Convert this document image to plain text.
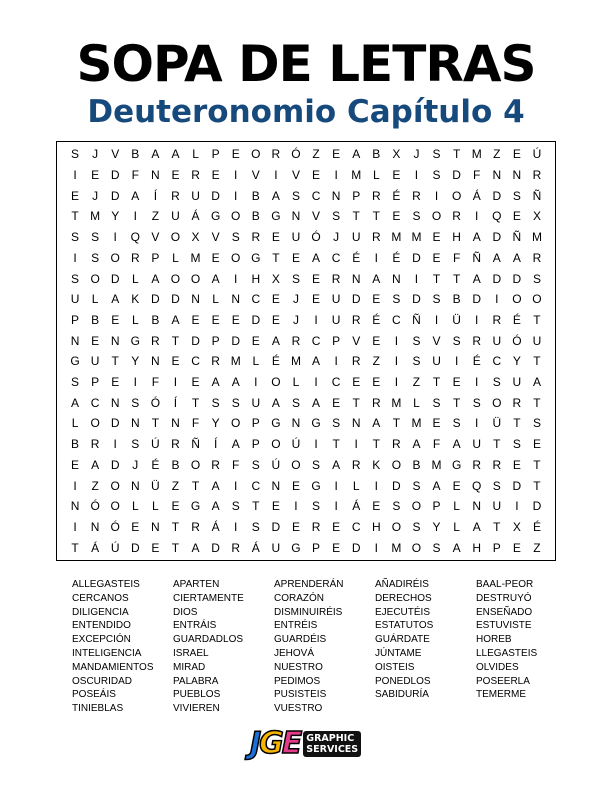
SOPA DE LETRAS
Deuteronomio Capítulo 4
S	J	V	B	A	A	L	P	E O R Ó Z	E	A	B	X	J	S	T M Z	E Ú
I	E D	F	N E R E	I	V	I	V	E	I	M L	E	I	S D	F	N N R
E	J	D A	Í	R U D	I	B	A	S C N P R É R	I	O Á D S Ñ
T M Y	I	Z	U Á G O B G N V	S	T	T	E	S O R	I	Q E	X
S	S	I	Q V O X	V	S R E U Ó	J	U R M M E H A D Ñ M
I	S O R P	L M E O G T	E	A C É	I	É D E	F	Ñ A	A R
S O D	L	A O O A	I	H X	S	E R N A N	I	T	T	A D D S
U	L	A	K D D N	L	N C E	J	E U D E	S D S	B D	I	O O
P	B	E	L	B	A	E	E	E D E	J	I	U R É C Ñ	I	Ü	I	R É	T
N E N G R	T	D P D E	A R C P	V	E	I	S	V	S R U Ó U
G U	T	Y N E C R M L	É M A	I	R	Z	I	S U	I	É C Y	T
S	P	E	I	F	I	E	A	A	I	O	L	I	C E	E	I	Z	T	E	I	S U A
A C N S Ó	Í	T	S	S U A	S	A	E	T	R M L	S	T	S O R	T
L	O D N	T	N	F	Y O P G N G S N A	T M E	S	I	Ü	T	S
B R	I	S Ú R Ñ	Í	A	P O Ú	I	T	I	T	R A	F	A U	T	S	E
E	A D	J	É	B O R	F	S Ú O S	A R K O B M G R R E	T
I	Z O N Ü	Z	T	A	I	C N E G	I	L	I	D S	A	E Q S D	T
N Ó O	L	L	E G A	S	T	E	I	S	I	Á	E	S O P	L	N U	I	D
I	N Ó E N	T	R Á	I	S D E R E C H O S	Y	L	A	T	X	É
T	Á Ú D E	T	A D R Á U G P	E D	I	M O S	A H P	E	Z
ALLEGASTEIS
CERCANOS
DILIGENCIA
ENTENDIDO
EXCEPCIÓN
INTELIGENCIA
MANDAMIENTOS
OSCURIDAD
POSEÁIS
TINIEBLAS
APARTEN
CIERTAMENTE
DIOS
ENTRÁIS
GUARDADLOS
ISRAEL
MIRAD
PALABRA
PUEBLOS
VIVIEREN
APRENDERÁN
CORAZÓN
DISMINUIRÉIS
ENTRÉIS
GUARDÉIS
JEHOVÁ
NUESTRO
PEDIMOS
PUSISTEIS
VUESTRO
AÑADIRÉIS
DERECHOS
EJECUTÉIS
ESTATUTOS
GUÁRDATE
JÚNTAME
OISTEIS
PONEDLOS
SABIDURÍA
BAAL-PEOR
DESTRUYÓ
ENSEÑADO
ESTUVISTE
HOREB
LLEGASTEIS
OLVIDES
POSEERLA
TEMERME
JGE GRAPHIC
SERVICES
